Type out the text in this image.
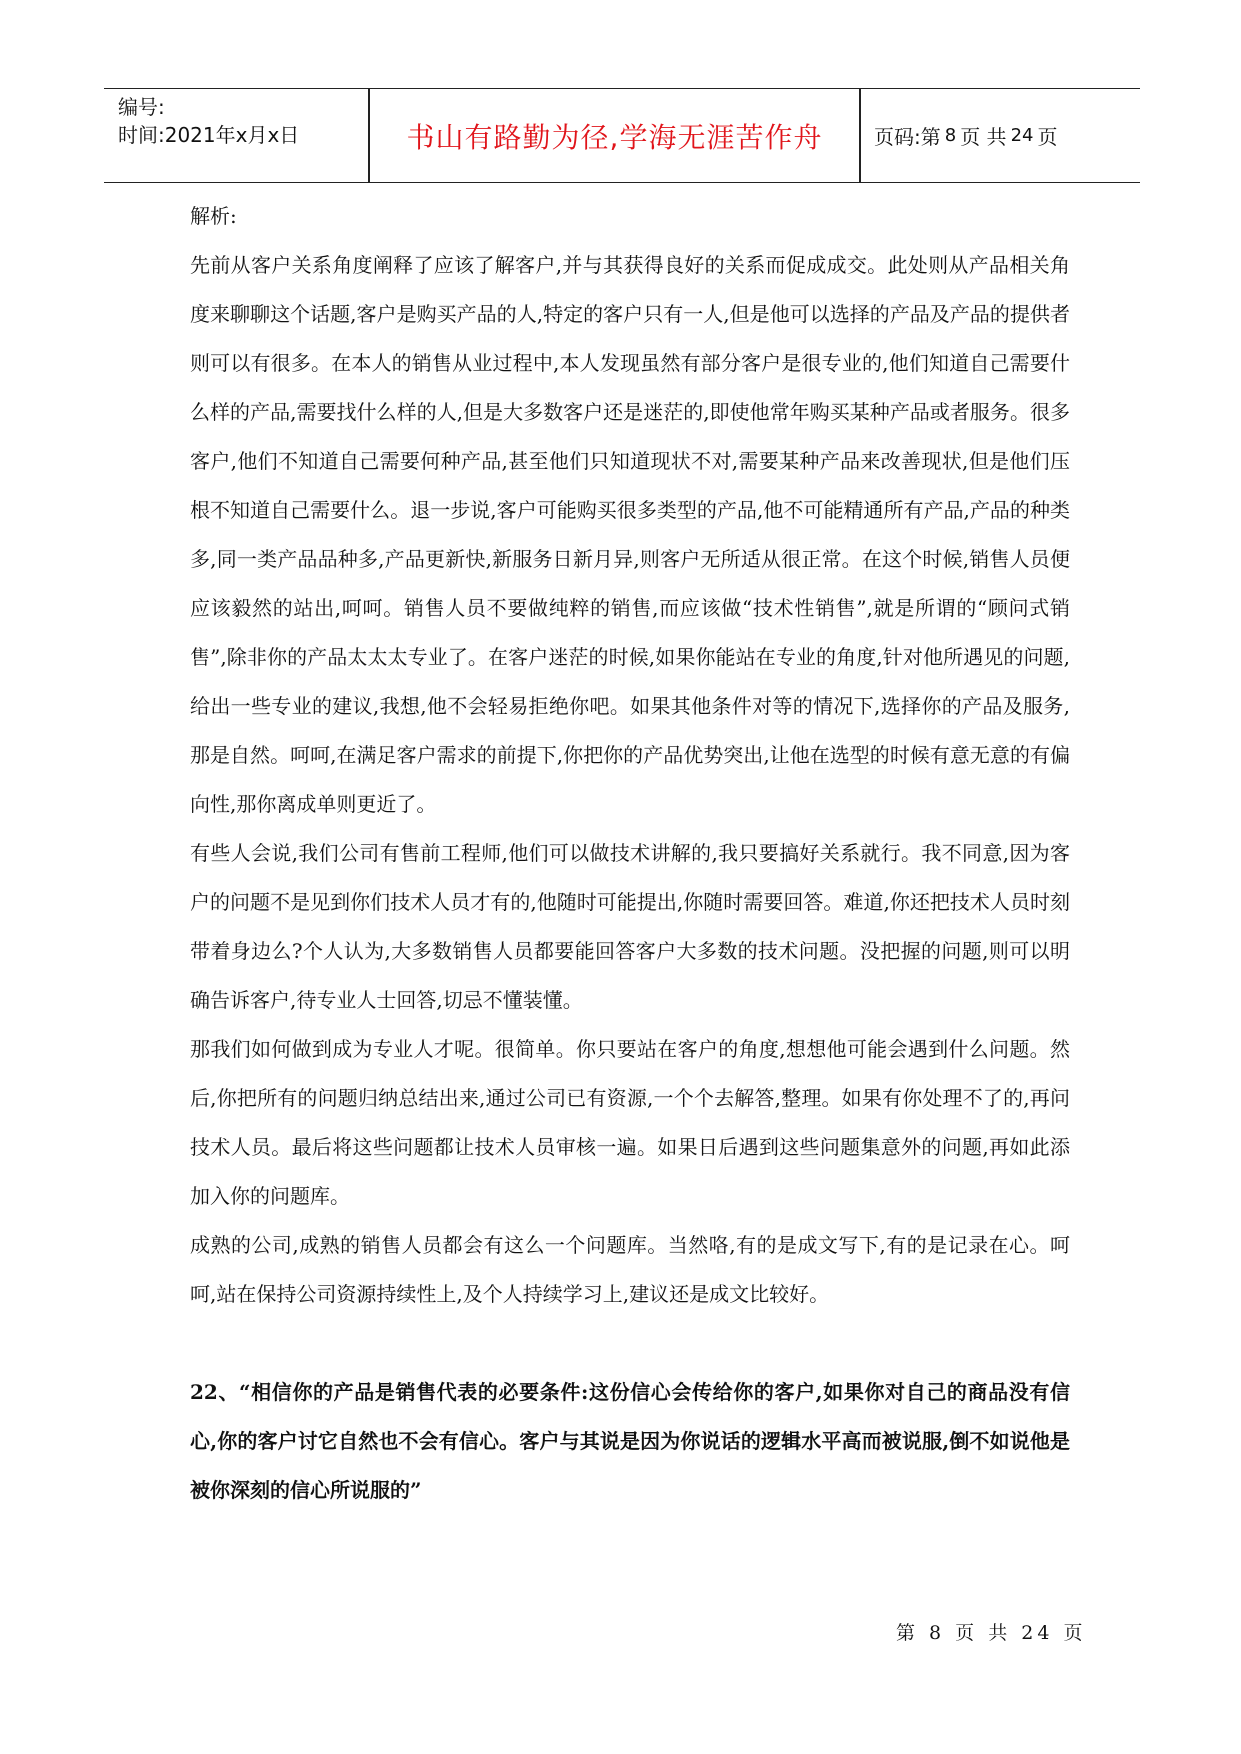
编号:
时间:2021年x月x日	书山有路勤为径,学海无涯苦作舟	页码:第 8 页 共 24 页

解析:

先前从客户关系角度阐释了应该了解客户,并与其获得良好的关系而促成成交。此处则从产品相关角度来聊聊这个话题,客户是购买产品的人,特定的客户只有一人,但是他可以选择的产品及产品的提供者则可以有很多。在本人的销售从业过程中,本人发现虽然有部分客户是很专业的,他们知道自己需要什么样的产品,需要找什么样的人,但是大多数客户还是迷茫的,即使他常年购买某种产品或者服务。很多客户,他们不知道自己需要何种产品,甚至他们只知道现状不对,需要某种产品来改善现状,但是他们压根不知道自己需要什么。退一步说,客户可能购买很多类型的产品,他不可能精通所有产品,产品的种类多,同一类产品品种多,产品更新快,新服务日新月异,则客户无所适从很正常。在这个时候,销售人员便应该毅然的站出,呵呵。销售人员不要做纯粹的销售,而应该做“技术性销售”,就是所谓的“顾问式销售”,除非你的产品太太太专业了。在客户迷茫的时候,如果你能站在专业的角度,针对他所遇见的问题,给出一些专业的建议,我想,他不会轻易拒绝你吧。如果其他条件对等的情况下,选择你的产品及服务,那是自然。呵呵,在满足客户需求的前提下,你把你的产品优势突出,让他在选型的时候有意无意的有偏向性,那你离成单则更近了。

有些人会说,我们公司有售前工程师,他们可以做技术讲解的,我只要搞好关系就行。我不同意,因为客户的问题不是见到你们技术人员才有的,他随时可能提出,你随时需要回答。难道,你还把技术人员时刻带着身边么?个人认为,大多数销售人员都要能回答客户大多数的技术问题。没把握的问题,则可以明确告诉客户,待专业人士回答,切忌不懂装懂。

那我们如何做到成为专业人才呢。很简单。你只要站在客户的角度,想想他可能会遇到什么问题。然后,你把所有的问题归纳总结出来,通过公司已有资源,一个个去解答,整理。如果有你处理不了的,再问技术人员。最后将这些问题都让技术人员审核一遍。如果日后遇到这些问题集意外的问题,再如此添加入你的问题库。

成熟的公司,成熟的销售人员都会有这么一个问题库。当然咯,有的是成文写下,有的是记录在心。呵呵,站在保持公司资源持续性上,及个人持续学习上,建议还是成文比较好。

22、“相信你的产品是销售代表的必要条件:这份信心会传给你的客户,如果你对自己的商品没有信心,你的客户讨它自然也不会有信心。客户与其说是因为你说话的逻辑水平高而被说服,倒不如说他是被你深刻的信心所说服的”

第 8 页 共 24 页
